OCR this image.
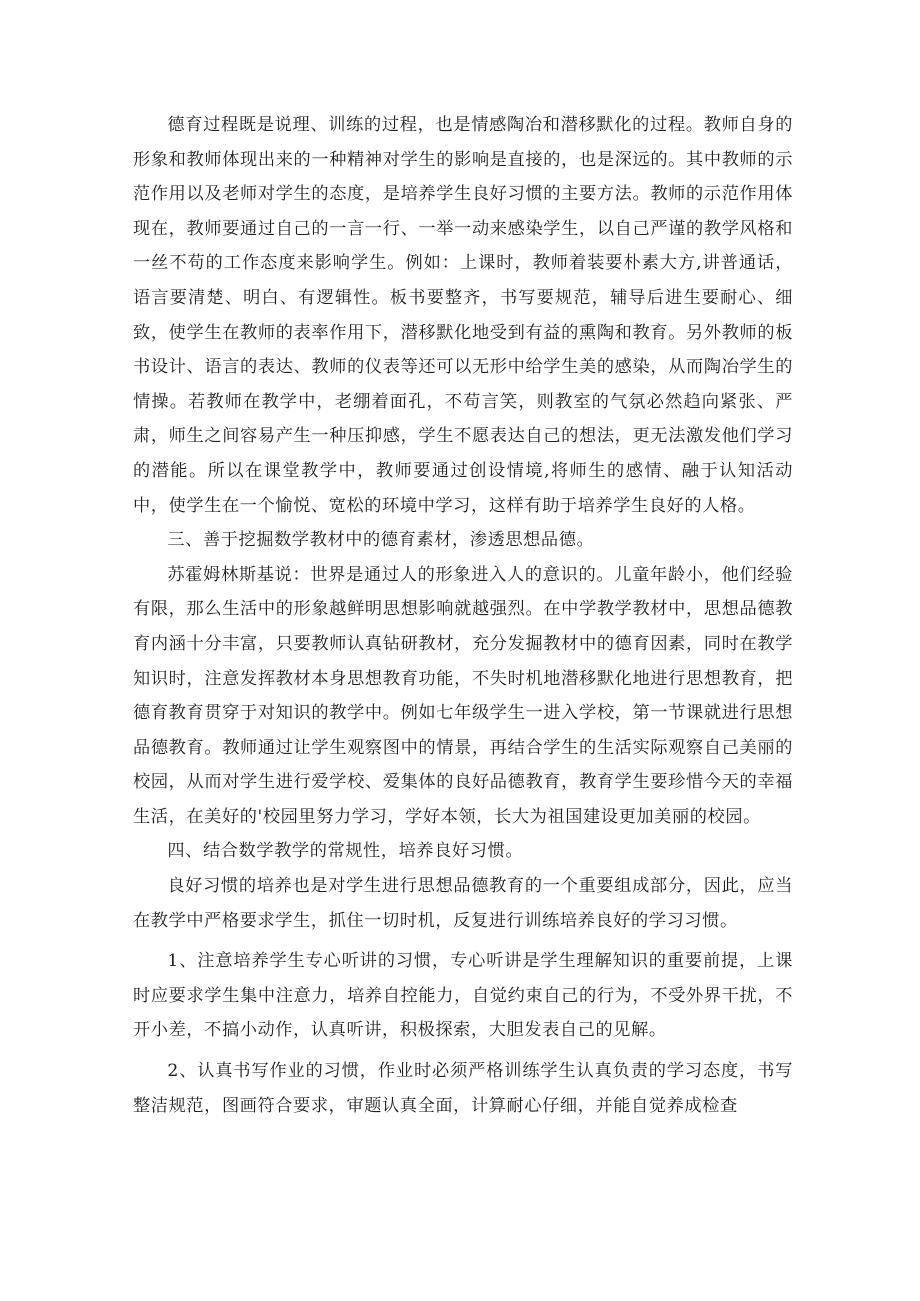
德育过程既是说理、训练的过程，也是情感陶冶和潜移默化的过程。教师自身的形象和教师体现出来的一种精神对学生的影响是直接的，也是深远的。其中教师的示范作用以及老师对学生的态度，是培养学生良好习惯的主要方法。教师的示范作用体现在，教师要通过自己的一言一行、一举一动来感染学生，以自己严谨的教学风格和一丝不苟的工作态度来影响学生。例如：上课时，教师着装要朴素大方,讲普通话，语言要清楚、明白、有逻辑性。板书要整齐，书写要规范，辅导后进生要耐心、细致，使学生在教师的表率作用下，潜移默化地受到有益的熏陶和教育。另外教师的板书设计、语言的表达、教师的仪表等还可以无形中给学生美的感染，从而陶冶学生的情操。若教师在教学中，老绷着面孔，不苟言笑，则教室的气氛必然趋向紧张、严肃，师生之间容易产生一种压抑感，学生不愿表达自己的想法，更无法激发他们学习的潜能。所以在课堂教学中，教师要通过创设情境,将师生的感情、融于认知活动中，使学生在一个愉悦、宽松的环境中学习，这样有助于培养学生良好的人格。

三、善于挖掘数学教材中的德育素材，渗透思想品德。

苏霍姆林斯基说：世界是通过人的形象进入人的意识的。儿童年龄小，他们经验有限，那么生活中的形象越鲜明思想影响就越强烈。在中学教学教材中，思想品德教育内涵十分丰富，只要教师认真钻研教材，充分发掘教材中的德育因素，同时在教学知识时，注意发挥教材本身思想教育功能，不失时机地潜移默化地进行思想教育，把德育教育贯穿于对知识的教学中。例如七年级学生一进入学校，第一节课就进行思想品德教育。教师通过让学生观察图中的情景，再结合学生的生活实际观察自己美丽的校园，从而对学生进行爱学校、爱集体的良好品德教育，教育学生要珍惜今天的幸福生活，在美好的'校园里努力学习，学好本领，长大为祖国建设更加美丽的校园。

四、结合数学教学的常规性，培养良好习惯。

良好习惯的培养也是对学生进行思想品德教育的一个重要组成部分，因此，应当在教学中严格要求学生，抓住一切时机，反复进行训练培养良好的学习习惯。

1、注意培养学生专心听讲的习惯，专心听讲是学生理解知识的重要前提，上课时应要求学生集中注意力，培养自控能力，自觉约束自己的行为，不受外界干扰，不开小差，不搞小动作，认真听讲，积极探索，大胆发表自己的见解。

2、认真书写作业的习惯，作业时必须严格训练学生认真负责的学习态度，书写整洁规范，图画符合要求，审题认真全面，计算耐心仔细，并能自觉养成检查
